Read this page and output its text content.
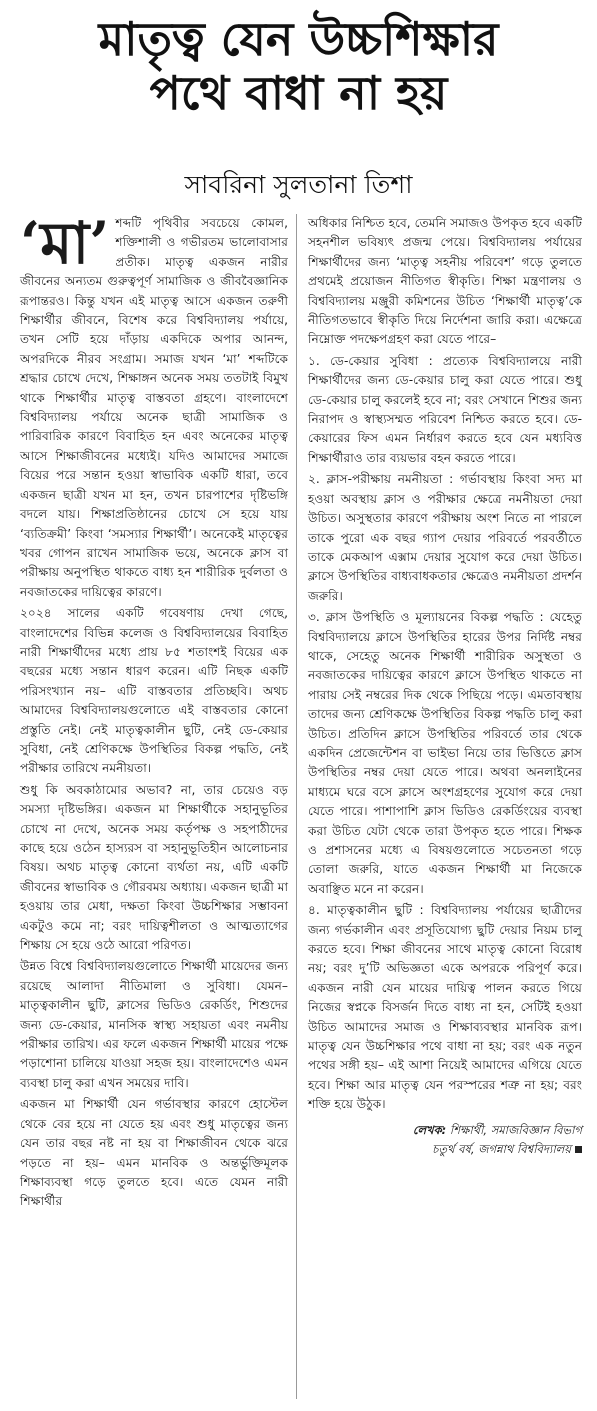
মাতৃত্ব যেন উচ্চশিক্ষার
পথে বাধা না হয়
সাবরিনা সুলতানা তিশা
‘মা’ শব্দটি পৃথিবীর সবচেয়ে কোমল, শক্তিশালী ও গভীরতম ভালোবাসার প্রতীক। মাতৃত্ব একজন নারীর জীবনের অন্যতম গুরুত্বপূর্ণ সামাজিক ও জীববৈজ্ঞানিক রূপান্তরও। কিন্তু যখন এই মাতৃত্ব আসে একজন তরুণী শিক্ষার্থীর জীবনে, বিশেষ করে বিশ্ববিদ্যালয় পর্যায়ে, তখন সেটি হয়ে দাঁড়ায় একদিকে অপার আনন্দ, অপরদিকে নীরব সংগ্রাম। সমাজ যখন ‘মা’ শব্দটিকে শ্রদ্ধার চোখে দেখে, শিক্ষাঙ্গন অনেক সময় ততটাই বিমুখ থাকে শিক্ষার্থীর মাতৃত্ব বাস্তবতা গ্রহণে। বাংলাদেশে বিশ্ববিদ্যালয় পর্যায়ে অনেক ছাত্রী সামাজিক ও পারিবারিক কারণে বিবাহিত হন এবং অনেকের মাতৃত্ব আসে শিক্ষাজীবনের মধ্যেই। যদিও আমাদের সমাজে বিয়ের পরে সন্তান হওয়া স্বাভাবিক একটি ধারা, তবে একজন ছাত্রী যখন মা হন, তখন চারপাশের দৃষ্টিভঙ্গি বদলে যায়। শিক্ষাপ্রতিষ্ঠানের চোখে সে হয়ে যায় ‘ব্যতিক্রমী’ কিংবা ‘সমস্যার শিক্ষার্থী’। অনেকেই মাতৃত্বের খবর গোপন রাখেন সামাজিক ভয়ে, অনেকে ক্লাস বা পরীক্ষায় অনুপস্থিত থাকতে বাধ্য হন শারীরিক দুর্বলতা ও নবজাতকের দায়িত্বের কারণে।

২০২৪ সালের একটি গবেষণায় দেখা গেছে, বাংলাদেশের বিভিন্ন কলেজ ও বিশ্ববিদ্যালয়ের বিবাহিত নারী শিক্ষার্থীদের মধ্যে প্রায় ৮৫ শতাংশই বিয়ের এক বছরের মধ্যে সন্তান ধারণ করেন। এটি নিছক একটি পরিসংখ্যান নয়– এটি বাস্তবতার প্রতিচ্ছবি। অথচ আমাদের বিশ্ববিদ্যালয়গুলোতে এই বাস্তবতার কোনো প্রস্তুতি নেই। নেই মাতৃত্বকালীন ছুটি, নেই ডে-কেয়ার সুবিধা, নেই শ্রেণিকক্ষে উপস্থিতির বিকল্প পদ্ধতি, নেই পরীক্ষার তারিখে নমনীয়তা।

শুধু কি অবকাঠামোর অভাব? না, তার চেয়েও বড় সমস্যা দৃষ্টিভঙ্গির। একজন মা শিক্ষার্থীকে সহানুভূতির চোখে না দেখে, অনেক সময় কর্তৃপক্ষ ও সহপাঠীদের কাছে হয়ে ওঠেন হাস্যরস বা সহানুভূতিহীন আলোচনার বিষয়। অথচ মাতৃত্ব কোনো ব্যর্থতা নয়, এটি একটি জীবনের স্বাভাবিক ও গৌরবময় অধ্যায়। একজন ছাত্রী মা হওয়ায় তার মেধা, দক্ষতা কিংবা উচ্চশিক্ষার সম্ভাবনা একটুও কমে না; বরং দায়িত্বশীলতা ও আত্মত্যাগের শিক্ষায় সে হয়ে ওঠে আরো পরিণত।

উন্নত বিশ্বে বিশ্ববিদ্যালয়গুলোতে শিক্ষার্থী মায়েদের জন্য রয়েছে আলাদা নীতিমালা ও সুবিধা। যেমন– মাতৃত্বকালীন ছুটি, ক্লাসের ভিডিও রেকর্ডিং, শিশুদের জন্য ডে-কেয়ার, মানসিক স্বাস্থ্য সহায়তা এবং নমনীয় পরীক্ষার তারিখ। এর ফলে একজন শিক্ষার্থী মায়ের পক্ষে পড়াশোনা চালিয়ে যাওয়া সহজ হয়। বাংলাদেশেও এমন ব্যবস্থা চালু করা এখন সময়ের দাবি।

একজন মা শিক্ষার্থী যেন গর্ভাবস্থার কারণে হোস্টেল থেকে বের হয়ে না যেতে হয় এবং শুধু মাতৃত্বের জন্য যেন তার বছর নষ্ট না হয় বা শিক্ষাজীবন থেকে ঝরে পড়তে না হয়– এমন মানবিক ও অন্তর্ভুক্তিমূলক শিক্ষাব্যবস্থা গড়ে তুলতে হবে। এতে যেমন নারী শিক্ষার্থীর

অধিকার নিশ্চিত হবে, তেমনি সমাজও উপকৃত হবে একটি সহনশীল ভবিষ্যৎ প্রজন্ম পেয়ে। বিশ্ববিদ্যালয় পর্যায়ের শিক্ষার্থীদের জন্য ‘মাতৃত্ব সহনীয় পরিবেশ’ গড়ে তুলতে প্রথমেই প্রয়োজন নীতিগত স্বীকৃতি। শিক্ষা মন্ত্রণালয় ও বিশ্ববিদ্যালয় মঞ্জুরী কমিশনের উচিত ‘শিক্ষার্থী মাতৃত্ব’কে নীতিগতভাবে স্বীকৃতি দিয়ে নির্দেশনা জারি করা। এক্ষেত্রে নিম্নোক্ত পদক্ষেপগ্রহণ করা যেতে পারে–

১. ডে-কেয়ার সুবিধা : প্রত্যেক বিশ্ববিদ্যালয়ে নারী শিক্ষার্থীদের জন্য ডে-কেয়ার চালু করা যেতে পারে। শুধু ডে-কেয়ার চালু করলেই হবে না; বরং সেখানে শিশুর জন্য নিরাপদ ও স্বাস্থ্যসম্মত পরিবেশ নিশ্চিত করতে হবে। ডে-কেয়ারের ফিস এমন নির্ধারণ করতে হবে যেন মধ্যবিত্ত শিক্ষার্থীরাও তার ব্যয়ভার বহন করতে পারে।

২. ক্লাস-পরীক্ষায় নমনীয়তা : গর্ভাবস্থায় কিংবা সদ্য মা হওয়া অবস্থায় ক্লাস ও পরীক্ষার ক্ষেত্রে নমনীয়তা দেয়া উচিত। অসুস্থতার কারণে পরীক্ষায় অংশ নিতে না পারলে তাকে পুরো এক বছর গ্যাপ দেয়ার পরিবর্তে পরবর্তীতে তাকে মেকআপ এক্সাম দেয়ার সুযোগ করে দেয়া উচিত। ক্লাসে উপস্থিতির বাধ্যবাধকতার ক্ষেত্রেও নমনীয়তা প্রদর্শন জরুরি।

৩. ক্লাস উপস্থিতি ও মূল্যায়নের বিকল্প পদ্ধতি : যেহেতু বিশ্ববিদ্যালয়ে ক্লাসে উপস্থিতির হারের উপর নির্দিষ্ট নম্বর থাকে, সেহেতু অনেক শিক্ষার্থী শারীরিক অসুস্থতা ও নবজাতকের দায়িত্বের কারণে ক্লাসে উপস্থিত থাকতে না পারায় সেই নম্বরের দিক থেকে পিছিয়ে পড়ে। এমতাবস্থায় তাদের জন্য শ্রেণিকক্ষে উপস্থিতির বিকল্প পদ্ধতি চালু করা উচিত। প্রতিদিন ক্লাসে উপস্থিতির পরিবর্তে তার থেকে একদিন প্রেজেন্টেশন বা ভাইভা নিয়ে তার ভিত্তিতে ক্লাস উপস্থিতির নম্বর দেয়া যেতে পারে। অথবা অনলাইনের মাধ্যমে ঘরে বসে ক্লাসে অংশগ্রহণের সুযোগ করে দেয়া যেতে পারে। পাশাপাশি ক্লাস ভিডিও রেকর্ডিংয়ের ব্যবস্থা করা উচিত যেটা থেকে তারা উপকৃত হতে পারে। শিক্ষক ও প্রশাসনের মধ্যে এ বিষয়গুলোতে সচেতনতা গড়ে তোলা জরুরি, যাতে একজন শিক্ষার্থী মা নিজেকে অবাঞ্ছিত মনে না করেন।

৪. মাতৃত্বকালীন ছুটি : বিশ্ববিদ্যালয় পর্যায়ের ছাত্রীদের জন্য গর্ভকালীন এবং প্রসূতিযোগ্য ছুটি দেয়ার নিয়ম চালু করতে হবে। শিক্ষা জীবনের সাথে মাতৃত্ব কোনো বিরোধ নয়; বরং দু’টি অভিজ্ঞতা একে অপরকে পরিপূর্ণ করে। একজন নারী যেন মায়ের দায়িত্ব পালন করতে গিয়ে নিজের স্বপ্নকে বিসর্জন দিতে বাধ্য না হন, সেটিই হওয়া উচিত আমাদের সমাজ ও শিক্ষাব্যবস্থার মানবিক রূপ। মাতৃত্ব যেন উচ্চশিক্ষার পথে বাধা না হয়; বরং এক নতুন পথের সঙ্গী হয়– এই আশা নিয়েই আমাদের এগিয়ে যেতে হবে। শিক্ষা আর মাতৃত্ব যেন পরস্পরের শত্রু না হয়; বরং শক্তি হয়ে উঠুক।

লেখক: শিক্ষার্থী, সমাজবিজ্ঞান বিভাগ
চতুর্থ বর্ষ, জগন্নাথ বিশ্ববিদ্যালয়
